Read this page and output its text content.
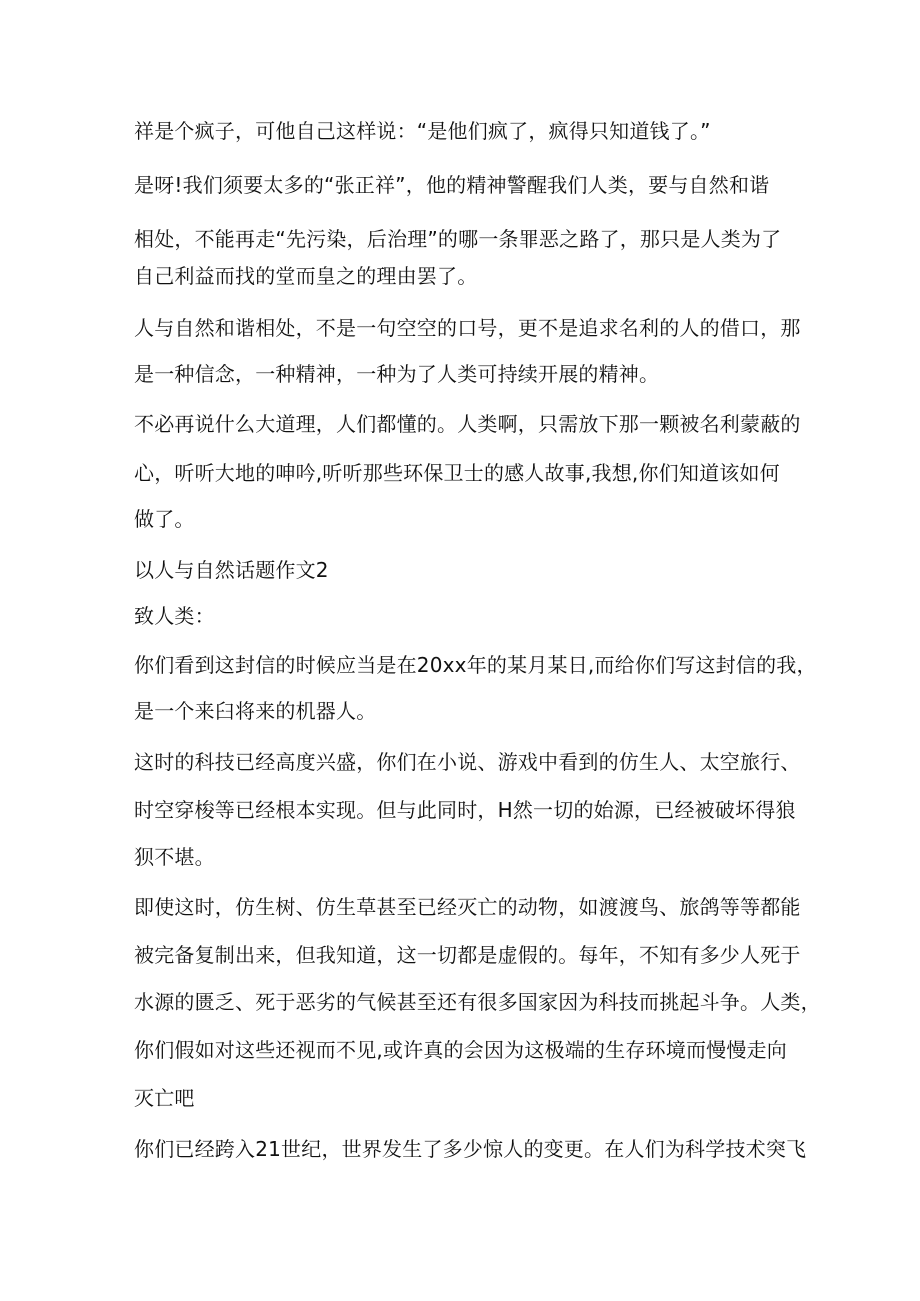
祥是个疯子，可他自己这样说：“是他们疯了，疯得只知道钱了。”
是呀!我们须要太多的“张正祥”，他的精神警醒我们人类，要与自然和谐
相处，不能再走“先污染，后治理”的哪一条罪恶之路了，那只是人类为了
自己利益而找的堂而皇之的理由罢了。
人与自然和谐相处，不是一句空空的口号，更不是追求名利的人的借口，那
是一种信念，一种精神，一种为了人类可持续开展的精神。
不必再说什么大道理，人们都懂的。人类啊，只需放下那一颗被名利蒙蔽的
心，听听大地的呻吟,听听那些环保卫士的感人故事,我想,你们知道该如何
做了。
以人与自然话题作文2
致人类：
你们看到这封信的时候应当是在20xx年的某月某日,而给你们写这封信的我，
是一个来臼将来的机器人。
这时的科技已经高度兴盛，你们在小说、游戏中看到的仿生人、太空旅行、
时空穿梭等已经根本实现。但与此同时，H然一切的始源，已经被破坏得狼
狈不堪。
即使这时，仿生树、仿生草甚至已经灭亡的动物，如渡渡鸟、旅鸽等等都能
被完备复制出来，但我知道，这一切都是虚假的。每年，不知有多少人死于
水源的匮乏、死于恶劣的气候甚至还有很多国家因为科技而挑起斗争。人类，
你们假如对这些还视而不见,或许真的会因为这极端的生存环境而慢慢走向
灭亡吧
你们已经跨入21世纪，世界发生了多少惊人的变更。在人们为科学技术突飞
